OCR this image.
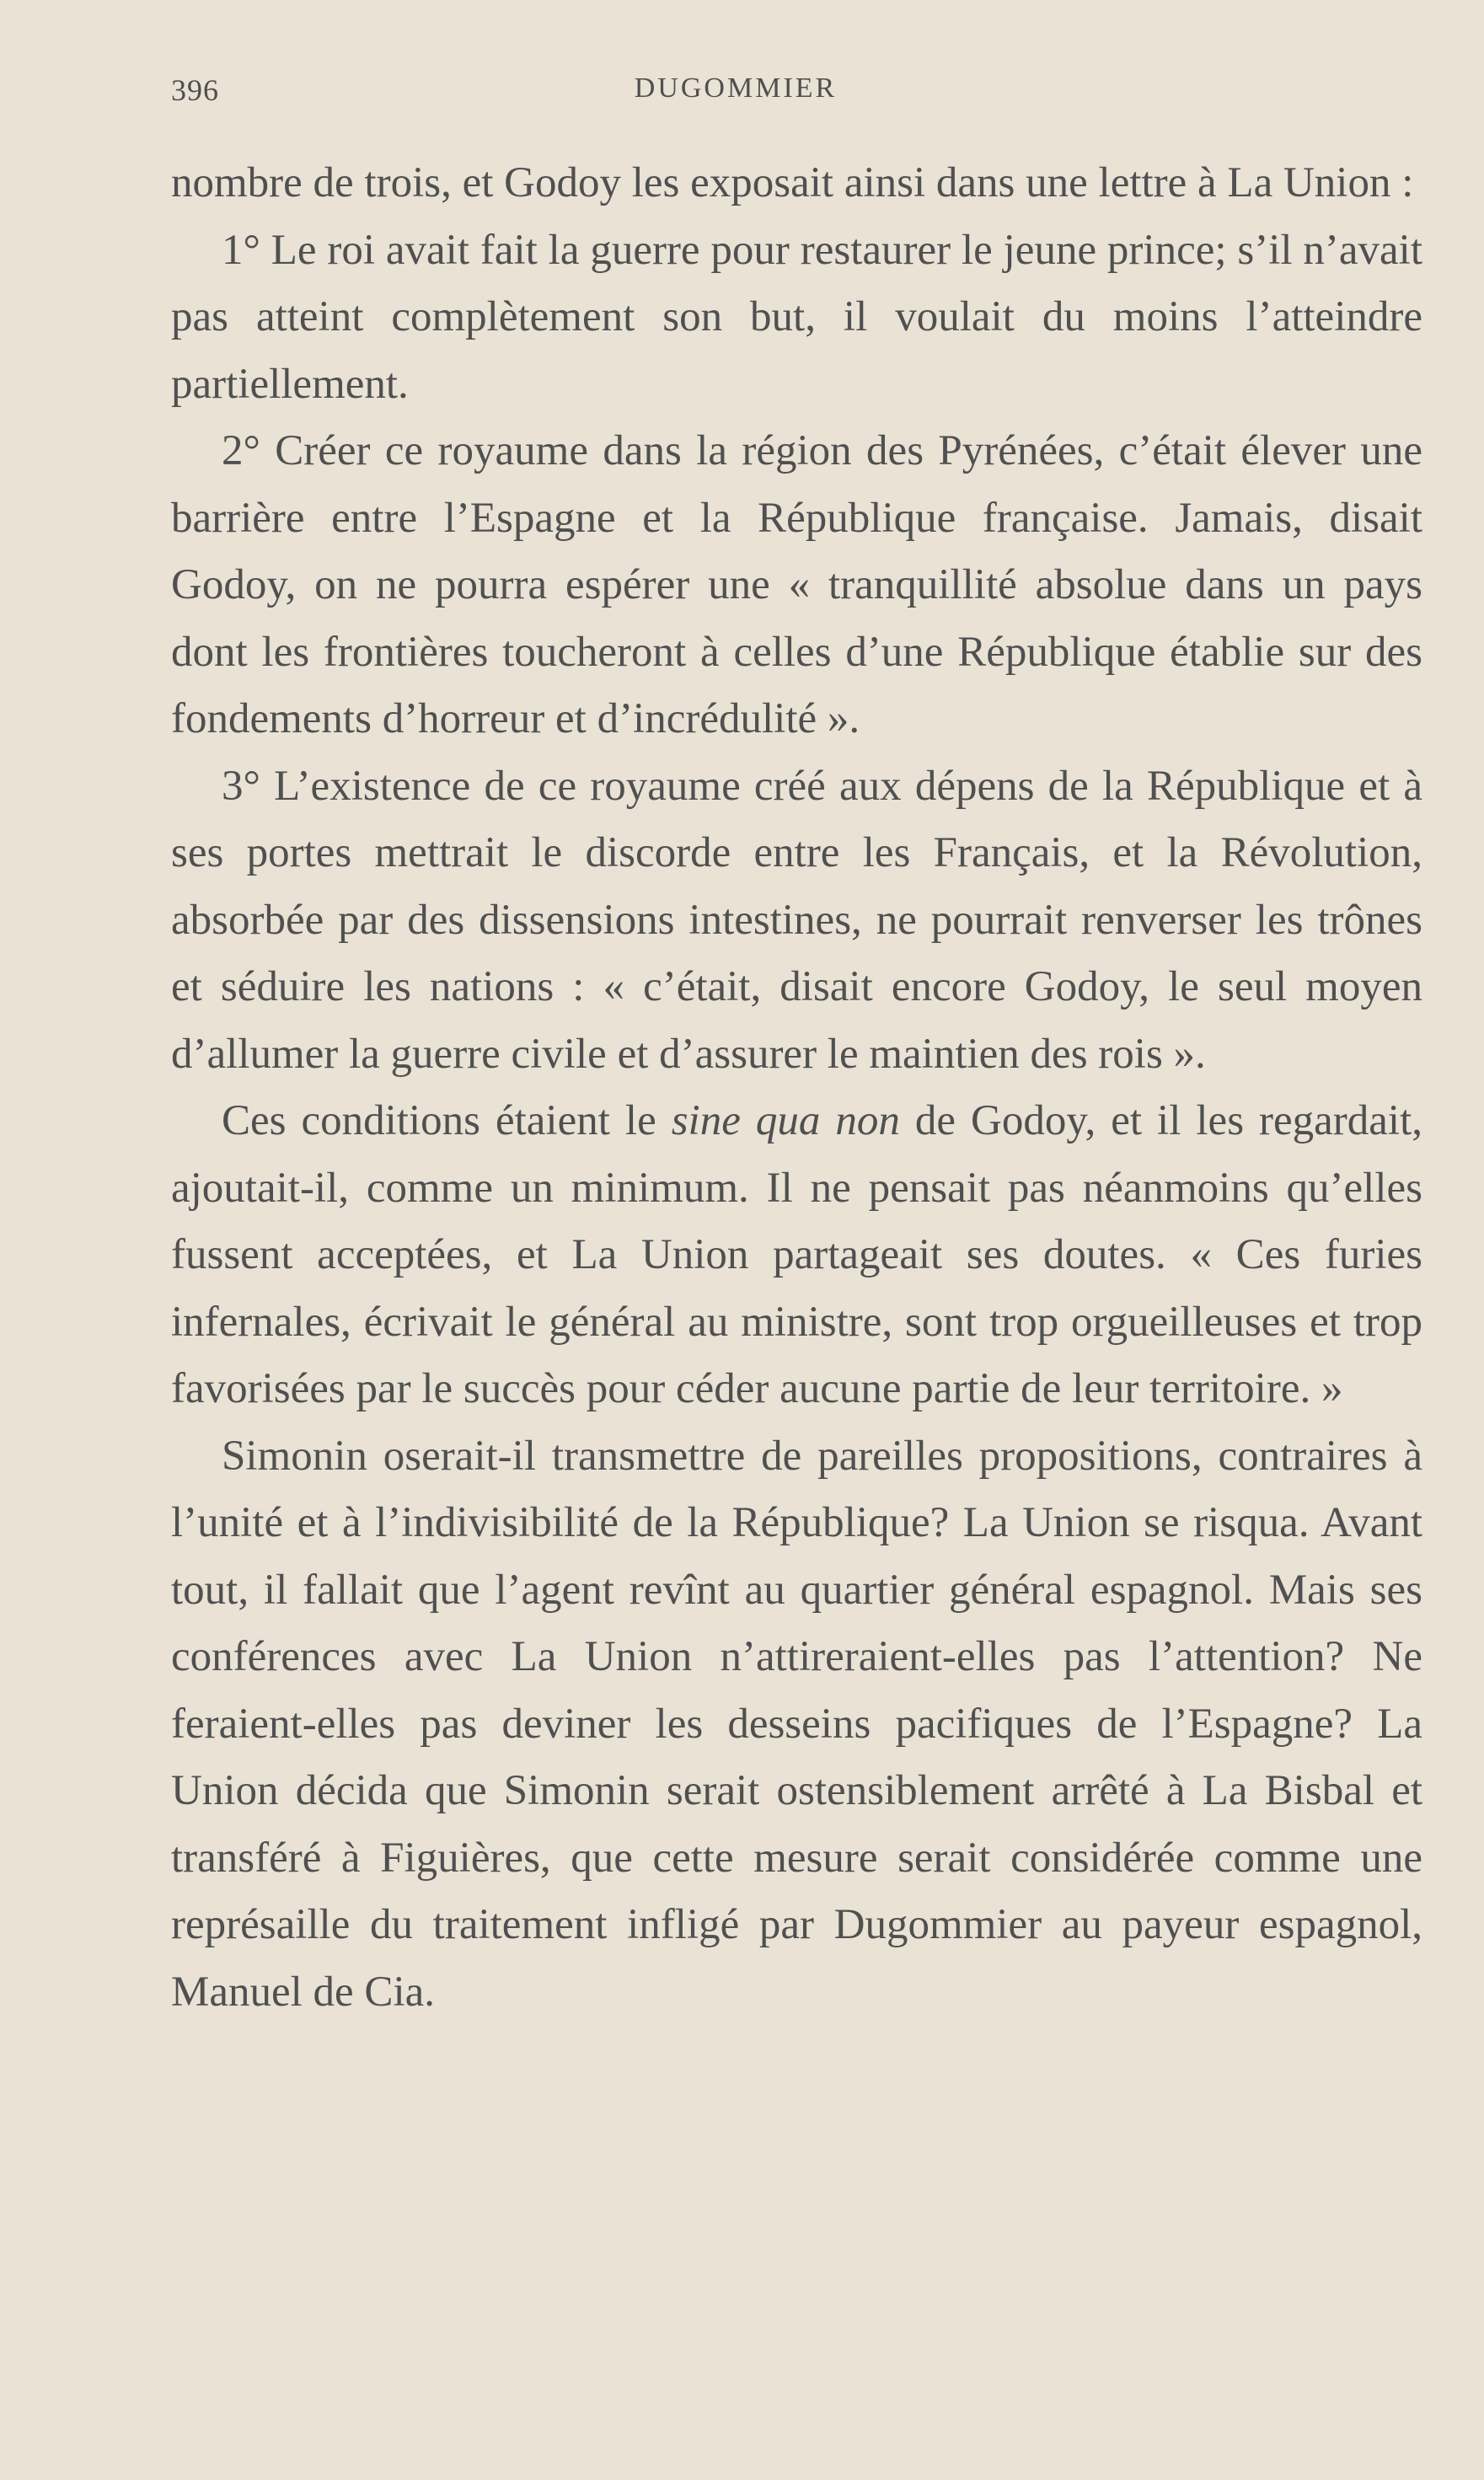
396	DUGOMMIER

nombre de trois, et Godoy les exposait ainsi dans une lettre à La Union :

1° Le roi avait fait la guerre pour restaurer le jeune prince; s’il n’avait pas atteint complètement son but, il voulait du moins l’atteindre partiellement.

2° Créer ce royaume dans la région des Pyrénées, c’était élever une barrière entre l’Espagne et la République française. Jamais, disait Godoy, on ne pourra espérer une « tranquillité absolue dans un pays dont les frontières toucheront à celles d’une République établie sur des fondements d’horreur et d’incrédulité ».

3° L’existence de ce royaume créé aux dépens de la République et à ses portes mettrait le discorde entre les Français, et la Révolution, absorbée par des dissensions intestines, ne pourrait renverser les trônes et séduire les nations : « c’était, disait encore Godoy, le seul moyen d’allumer la guerre civile et d’assurer le maintien des rois ».

Ces conditions étaient le sine qua non de Godoy, et il les regardait, ajoutait-il, comme un minimum. Il ne pensait pas néanmoins qu’elles fussent acceptées, et La Union partageait ses doutes. « Ces furies infernales, écrivait le général au ministre, sont trop orgueilleuses et trop favorisées par le succès pour céder aucune partie de leur territoire. »

Simonin oserait-il transmettre de pareilles propositions, contraires à l’unité et à l’indivisibilité de la République? La Union se risqua. Avant tout, il fallait que l’agent revînt au quartier général espagnol. Mais ses conférences avec La Union n’attireraient-elles pas l’attention? Ne feraient-elles pas deviner les desseins pacifiques de l’Espagne? La Union décida que Simonin serait ostensiblement arrêté à La Bisbal et transféré à Figuières, que cette mesure serait considérée comme une représaille du traitement infligé par Dugommier au payeur espagnol, Manuel de Cia.
